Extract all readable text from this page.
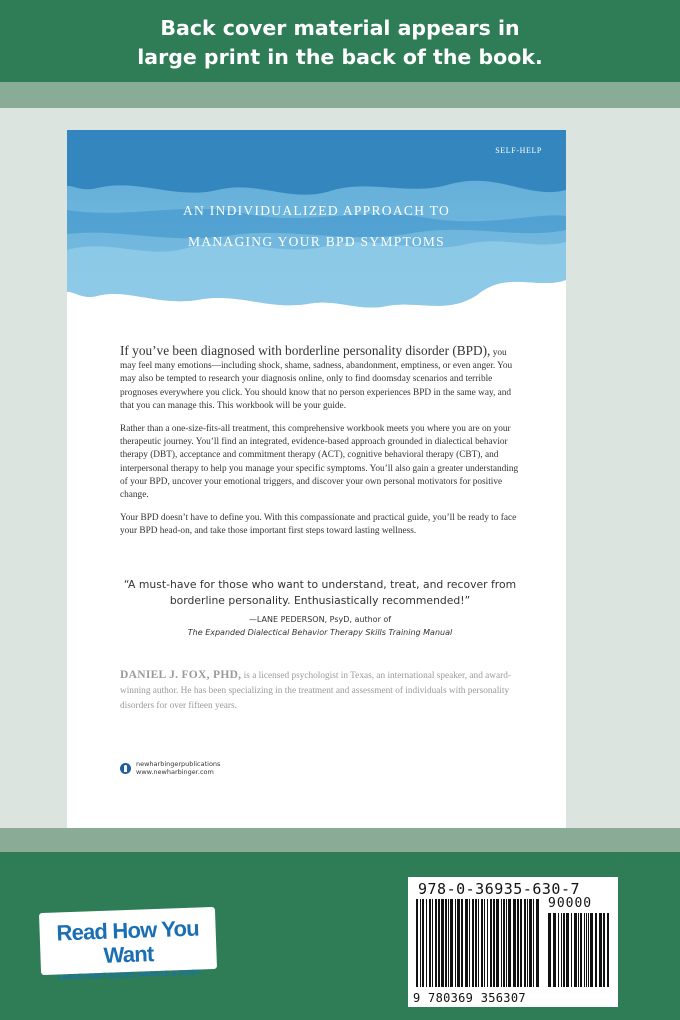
Back cover material appears in
large print in the back of the book.
SELF-HELP
AN INDIVIDUALIZED APPROACH TO
MANAGING YOUR BPD SYMPTOMS

If you’ve been diagnosed with borderline personality disorder (BPD), you may feel many emotions—including shock, shame, sadness, abandonment, emptiness, or even anger. You may also be tempted to research your diagnosis online, only to find doomsday scenarios and terrible prognoses everywhere you click. You should know that no person experiences BPD in the same way, and that you can manage this. This workbook will be your guide.

Rather than a one-size-fits-all treatment, this comprehensive workbook meets you where you are on your therapeutic journey. You’ll find an integrated, evidence-based approach grounded in dialectical behavior therapy (DBT), acceptance and commitment therapy (ACT), cognitive behavioral therapy (CBT), and interpersonal therapy to help you manage your specific symptoms. You’ll also gain a greater understanding of your BPD, uncover your emotional triggers, and discover your own personal motivators for positive change.

Your BPD doesn’t have to define you. With this compassionate and practical guide, you’ll be ready to face your BPD head-on, and take those important first steps toward lasting wellness.

“A must-have for those who want to understand, treat, and recover from borderline personality. Enthusiastically recommended!”
—LANE PEDERSON, PsyD, author of
The Expanded Dialectical Behavior Therapy Skills Training Manual
DANIEL J. FOX, PHD, is a licensed psychologist in Texas, an international speaker, and award-winning author. He has been specializing in the treatment and assessment of individuals with personality disorders for over fifteen years.
newharbingerpublications
www.newharbinger.com
Read How You Want
LARGE PRINT BOOKS, BRAILLE & DAISY
978-0-36935-630-7
90000
9 780369 356307
